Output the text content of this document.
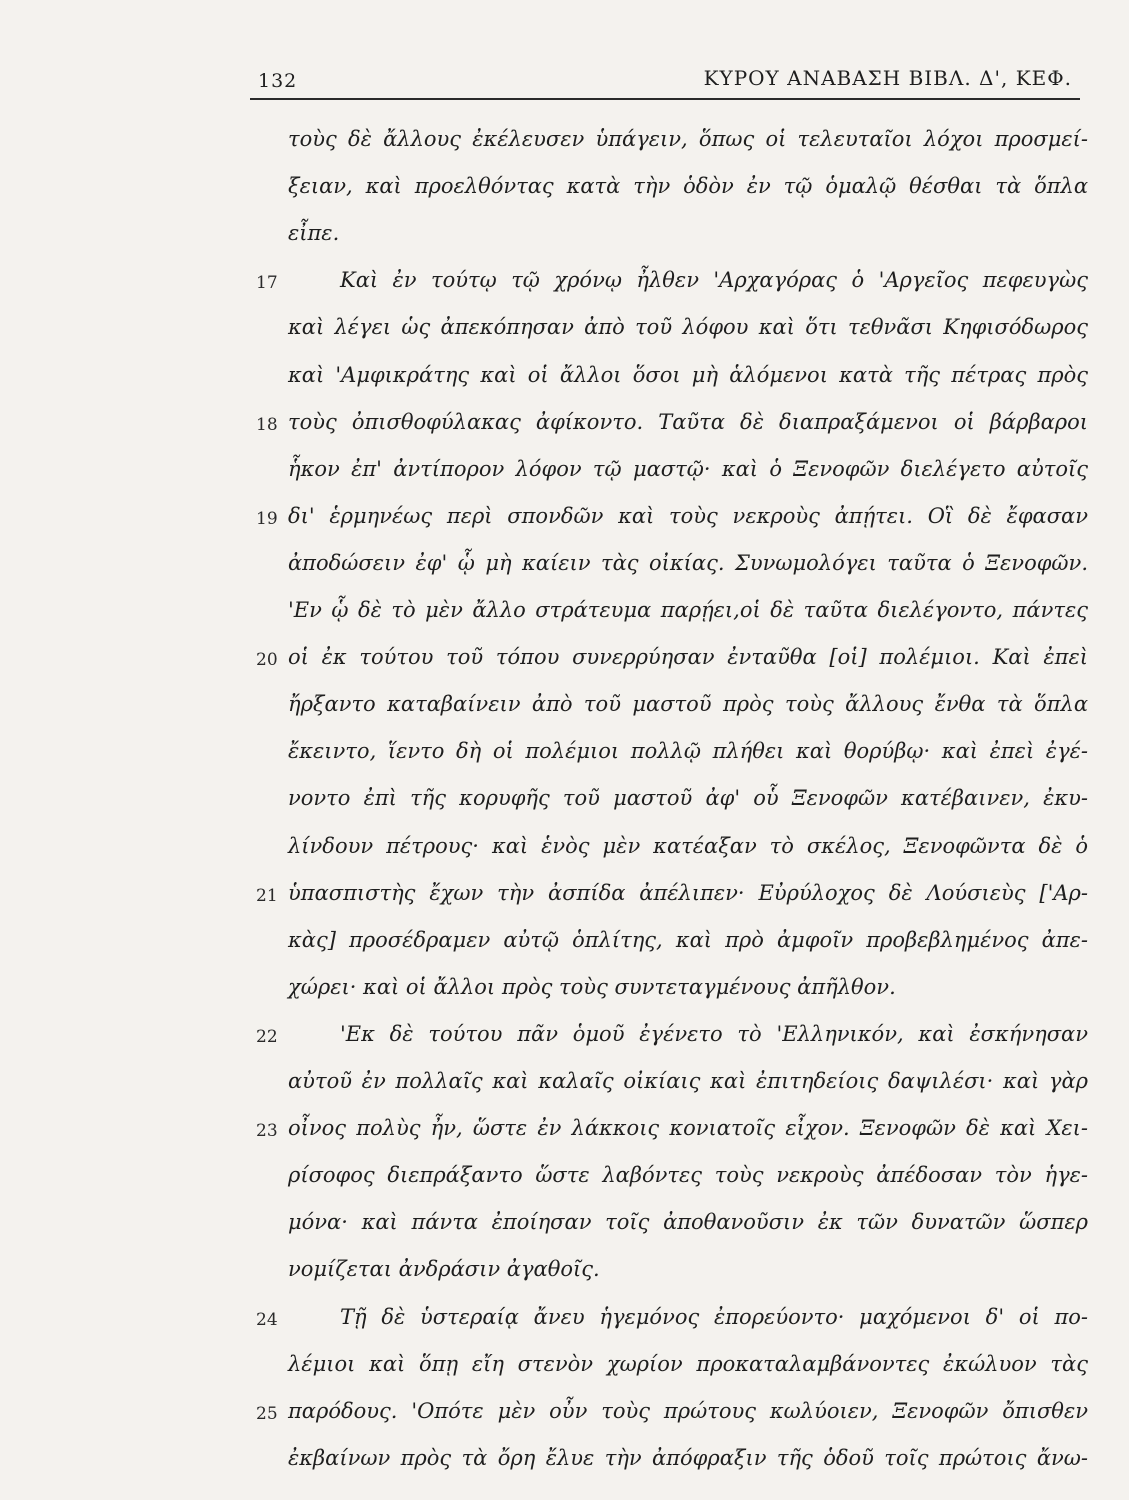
132	ΚΥΡΟΥ ΑΝΑΒΑΣΗ ΒΙΒΛ. Δ', ΚΕΦ.
τοὺς δὲ ἄλλους ἐκέλευσεν ὑπάγειν, ὅπως οἱ τελευταῖοι λόχοι προσμεί-
ξειαν, καὶ προελθόντας κατὰ τὴν ὁδὸν ἐν τῷ ὁμαλῷ θέσθαι τὰ ὅπλα
εἶπε.
17	Καὶ ἐν τούτῳ τῷ χρόνῳ ἦλθεν 'Αρχαγόρας ὁ 'Αργεῖος πεφευγὼς
καὶ λέγει ὡς ἀπεκόπησαν ἀπὸ τοῦ λόφου καὶ ὅτι τεθνᾶσι Κηφισόδωρος
καὶ 'Αμφικράτης καὶ οἱ ἄλλοι ὅσοι μὴ ἁλόμενοι κατὰ τῆς πέτρας πρὸς
18 τοὺς ὀπισθοφύλακας ἀφίκοντο. Ταῦτα δὲ διαπραξάμενοι οἱ βάρβαροι
ἧκον ἐπ' ἀντίπορον λόφον τῷ μαστῷ· καὶ ὁ Ξενοφῶν διελέγετο αὐτοῖς
19 δι' ἑρμηνέως περὶ σπονδῶν καὶ τοὺς νεκροὺς ἀπῄτει. Οἳ δὲ ἔφασαν
ἀποδώσειν ἐφ' ᾧ μὴ καίειν τὰς οἰκίας. Συνωμολόγει ταῦτα ὁ Ξενοφῶν.
'Εν ᾧ δὲ τὸ μὲν ἄλλο στράτευμα παρῄει,οἱ δὲ ταῦτα διελέγοντο, πάντες
20 οἱ ἐκ τούτου τοῦ τόπου συνερρύησαν ἐνταῦθα [οἱ] πολέμιοι. Καὶ ἐπεὶ
ἤρξαντο καταβαίνειν ἀπὸ τοῦ μαστοῦ πρὸς τοὺς ἄλλους ἔνθα τὰ ὅπλα
ἔκειντο, ἵεντο δὴ οἱ πολέμιοι πολλῷ πλήθει καὶ θορύβῳ· καὶ ἐπεὶ ἐγέ-
νοντο ἐπὶ τῆς κορυφῆς τοῦ μαστοῦ ἀφ' οὗ Ξενοφῶν κατέβαινεν, ἐκυ-
λίνδουν πέτρους· καὶ ἑνὸς μὲν κατέαξαν τὸ σκέλος, Ξενοφῶντα δὲ ὁ
21 ὑπασπιστὴς ἔχων τὴν ἀσπίδα ἀπέλιπεν· Εὐρύλοχος δὲ Λούσιεὺς ['Αρ-
κὰς] προσέδραμεν αὐτῷ ὁπλίτης, καὶ πρὸ ἀμφοῖν προβεβλημένος ἀπε-
χώρει· καὶ οἱ ἄλλοι πρὸς τοὺς συντεταγμένους ἀπῆλθον.
22	'Εκ δὲ τούτου πᾶν ὁμοῦ ἐγένετο τὸ 'Ελληνικόν, καὶ ἐσκήνησαν
αὐτοῦ ἐν πολλαῖς καὶ καλαῖς οἰκίαις καὶ ἐπιτηδείοις δαψιλέσι· καὶ γὰρ
23 οἶνος πολὺς ἦν, ὥστε ἐν λάκκοις κονιατοῖς εἶχον. Ξενοφῶν δὲ καὶ Χει-
ρίσοφος διεπράξαντο ὥστε λαβόντες τοὺς νεκροὺς ἀπέδοσαν τὸν ἡγε-
μόνα· καὶ πάντα ἐποίησαν τοῖς ἀποθανοῦσιν ἐκ τῶν δυνατῶν ὥσπερ
νομίζεται ἀνδράσιν ἀγαθοῖς.
24	Τῇ δὲ ὑστεραίᾳ ἄνευ ἡγεμόνος ἐπορεύοντο· μαχόμενοι δ' οἱ πο-
λέμιοι καὶ ὅπῃ εἴη στενὸν χωρίον προκαταλαμβάνοντες ἐκώλυον τὰς
25 παρόδους. 'Οπότε μὲν οὖν τοὺς πρώτους κωλύοιεν, Ξενοφῶν ὄπισθεν
ἐκβαίνων πρὸς τὰ ὄρη ἔλυε τὴν ἀπόφραξιν τῆς ὁδοῦ τοῖς πρώτοις ἄνω-
